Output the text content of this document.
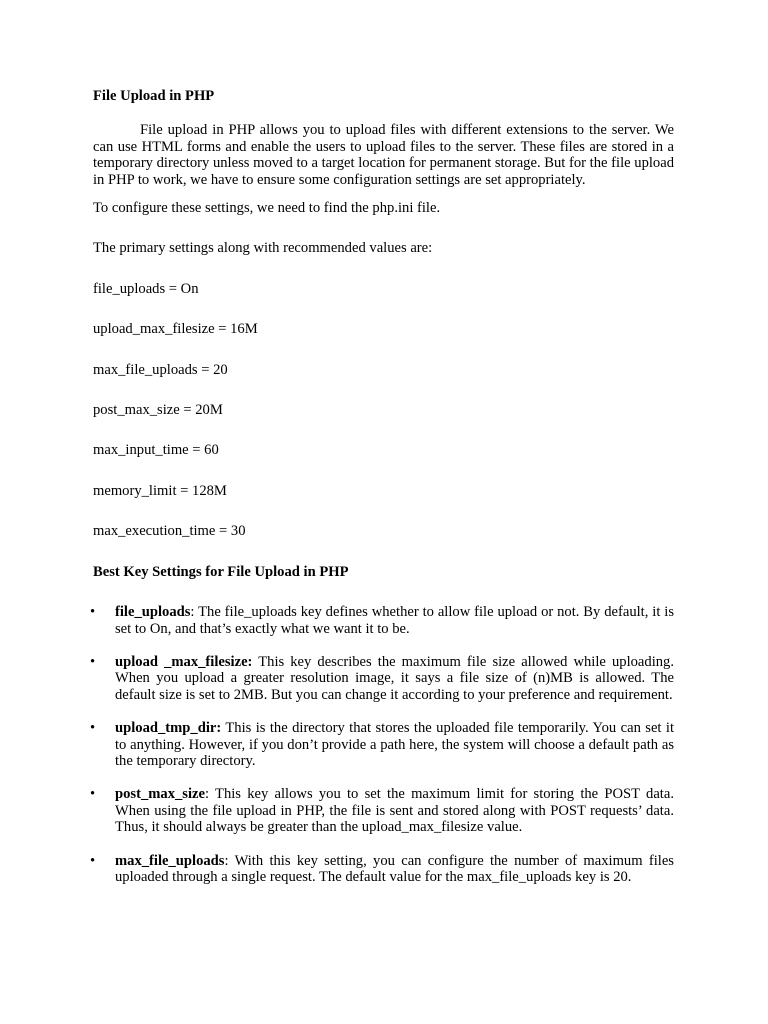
File Upload in PHP

File upload in PHP allows you to upload files with different extensions to the server. We can use HTML forms and enable the users to upload files to the server. These files are stored in a temporary directory unless moved to a target location for permanent storage. But for the file upload in PHP to work, we have to ensure some configuration settings are set appropriately.

To configure these settings, we need to find the php.ini file.

The primary settings along with recommended values are:

file_uploads = On

upload_max_filesize = 16M

max_file_uploads = 20

post_max_size = 20M

max_input_time = 60

memory_limit = 128M

max_execution_time = 30

Best Key Settings for File Upload in PHP

• file_uploads: The file_uploads key defines whether to allow file upload or not. By default, it is set to On, and that’s exactly what we want it to be.
• upload _max_filesize: This key describes the maximum file size allowed while uploading. When you upload a greater resolution image, it says a file size of (n)MB is allowed. The default size is set to 2MB. But you can change it according to your preference and requirement.
• upload_tmp_dir: This is the directory that stores the uploaded file temporarily. You can set it to anything. However, if you don’t provide a path here, the system will choose a default path as the temporary directory.
• post_max_size: This key allows you to set the maximum limit for storing the POST data. When using the file upload in PHP, the file is sent and stored along with POST requests’ data. Thus, it should always be greater than the upload_max_filesize value.
• max_file_uploads: With this key setting, you can configure the number of maximum files uploaded through a single request. The default value for the max_file_uploads key is 20.
